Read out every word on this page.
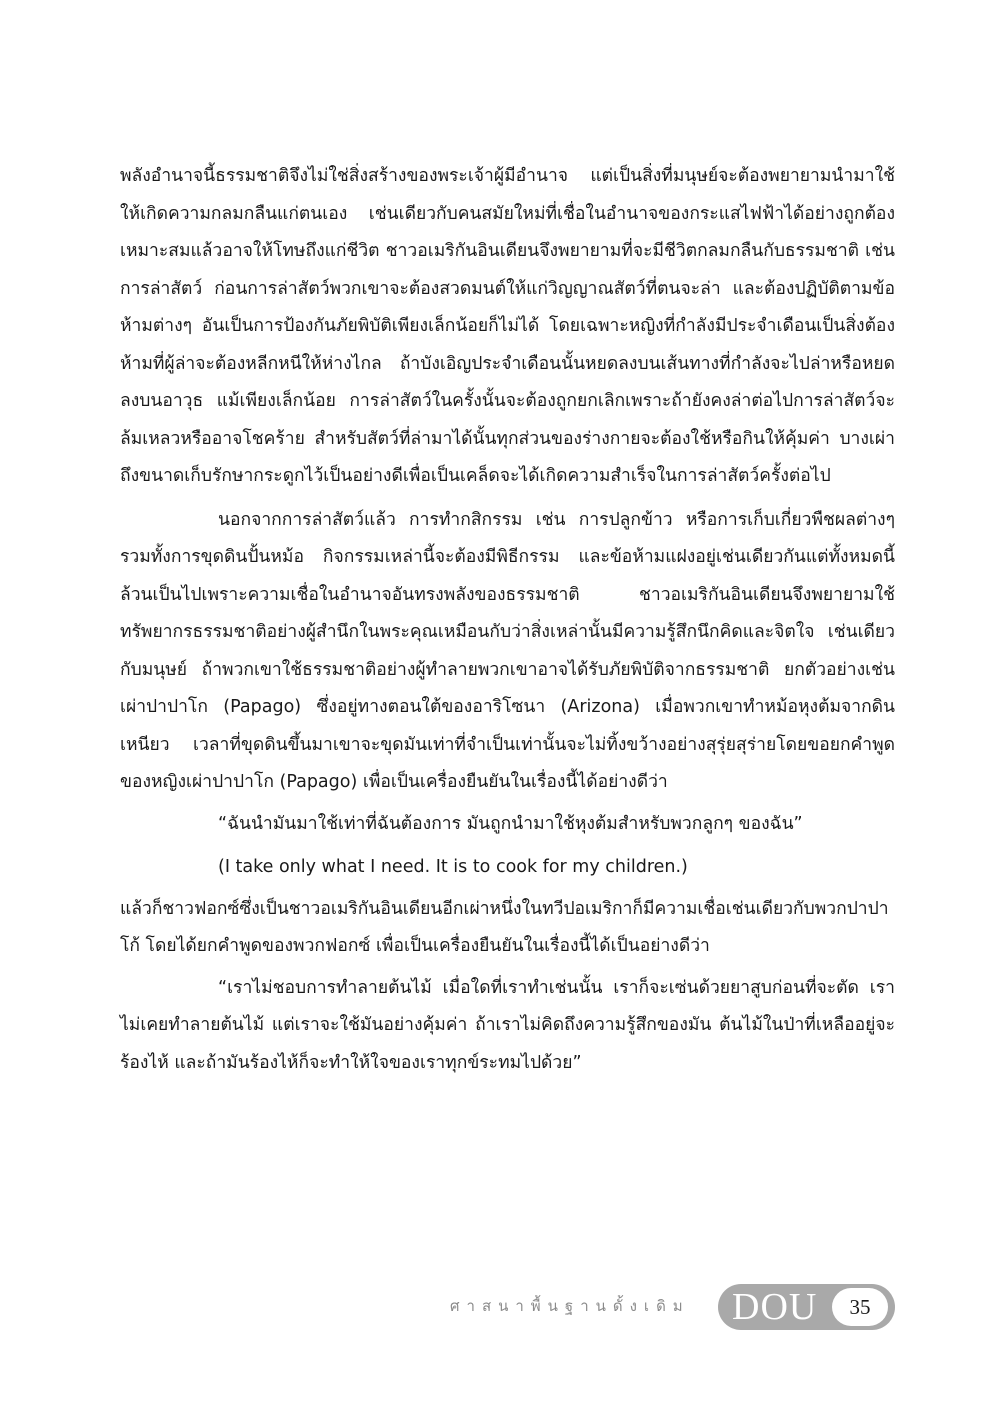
พลังอำนาจนี้ธรรมชาติจึงไม่ใช่สิ่งสร้างของพระเจ้าผู้มีอำนาจ แต่เป็นสิ่งที่มนุษย์จะต้องพยายามนำมาใช้ให้เกิดความกลมกลืนแก่ตนเอง เช่นเดียวกับคนสมัยใหม่ที่เชื่อในอำนาจของกระแสไฟฟ้าได้อย่างถูกต้องเหมาะสมแล้วอาจให้โทษถึงแก่ชีวิต ชาวอเมริกันอินเดียนจึงพยายามที่จะมีชีวิตกลมกลืนกับธรรมชาติ เช่น การล่าสัตว์ ก่อนการล่าสัตว์พวกเขาจะต้องสวดมนต์ให้แก่วิญญาณสัตว์ที่ตนจะล่า และต้องปฏิบัติตามข้อห้ามต่างๆ อันเป็นการป้องกันภัยพิบัติเพียงเล็กน้อยก็ไม่ได้ โดยเฉพาะหญิงที่กำลังมีประจำเดือนเป็นสิ่งต้องห้ามที่ผู้ล่าจะต้องหลีกหนีให้ห่างไกล ถ้าบังเอิญประจำเดือนนั้นหยดลงบนเส้นทางที่กำลังจะไปล่าหรือหยดลงบนอาวุธ แม้เพียงเล็กน้อย การล่าสัตว์ในครั้งนั้นจะต้องถูกยกเลิกเพราะถ้ายังคงล่าต่อไปการล่าสัตว์จะล้มเหลวหรืออาจโชคร้าย สำหรับสัตว์ที่ล่ามาได้นั้นทุกส่วนของร่างกายจะต้องใช้หรือกินให้คุ้มค่า บางเผ่าถึงขนาดเก็บรักษากระดูกไว้เป็นอย่างดีเพื่อเป็นเคล็ดจะได้เกิดความสำเร็จในการล่าสัตว์ครั้งต่อไป

นอกจากการล่าสัตว์แล้ว การทำกสิกรรม เช่น การปลูกข้าว หรือการเก็บเกี่ยวพืชผลต่างๆ รวมทั้งการขุดดินปั้นหม้อ กิจกรรมเหล่านี้จะต้องมีพิธีกรรม และข้อห้ามแฝงอยู่เช่นเดียวกันแต่ทั้งหมดนี้ล้วนเป็นไปเพราะความเชื่อในอำนาจอันทรงพลังของธรรมชาติ ชาวอเมริกันอินเดียนจึงพยายามใช้ทรัพยากรธรรมชาติอย่างผู้สำนึกในพระคุณเหมือนกับว่าสิ่งเหล่านั้นมีความรู้สึกนึกคิดและจิตใจ เช่นเดียวกับมนุษย์ ถ้าพวกเขาใช้ธรรมชาติอย่างผู้ทำลายพวกเขาอาจได้รับภัยพิบัติจากธรรมชาติ ยกตัวอย่างเช่น เผ่าปาปาโก (Papago) ซึ่งอยู่ทางตอนใต้ของอาริโซนา (Arizona) เมื่อพวกเขาทำหม้อหุงต้มจากดินเหนียว เวลาที่ขุดดินขึ้นมาเขาจะขุดมันเท่าที่จำเป็นเท่านั้นจะไม่ทิ้งขว้างอย่างสุรุ่ยสุร่ายโดยขอยกคำพูดของหญิงเผ่าปาปาโก (Papago) เพื่อเป็นเครื่องยืนยันในเรื่องนี้ได้อย่างดีว่า

“ฉันนำมันมาใช้เท่าที่ฉันต้องการ มันถูกนำมาใช้หุงต้มสำหรับพวกลูกๆ ของฉัน”

(I take only what I need. It is to cook for my children.)

แล้วก็ชาวฟอกซ์ซึ่งเป็นชาวอเมริกันอินเดียนอีกเผ่าหนึ่งในทวีปอเมริกาก็มีความเชื่อเช่นเดียวกับพวกปาปาโก้ โดยได้ยกคำพูดของพวกฟอกซ์ เพื่อเป็นเครื่องยืนยันในเรื่องนี้ได้เป็นอย่างดีว่า

“เราไม่ชอบการทำลายต้นไม้ เมื่อใดที่เราทำเช่นนั้น เราก็จะเซ่นด้วยยาสูบก่อนที่จะตัด เราไม่เคยทำลายต้นไม้ แต่เราจะใช้มันอย่างคุ้มค่า ถ้าเราไม่คิดถึงความรู้สึกของมัน ต้นไม้ในป่าที่เหลืออยู่จะร้องไห้ และถ้ามันร้องไห้ก็จะทำให้ใจของเราทุกข์ระทมไปด้วย”

ศาสนาพื้นฐานดั้งเดิม DOU	35
